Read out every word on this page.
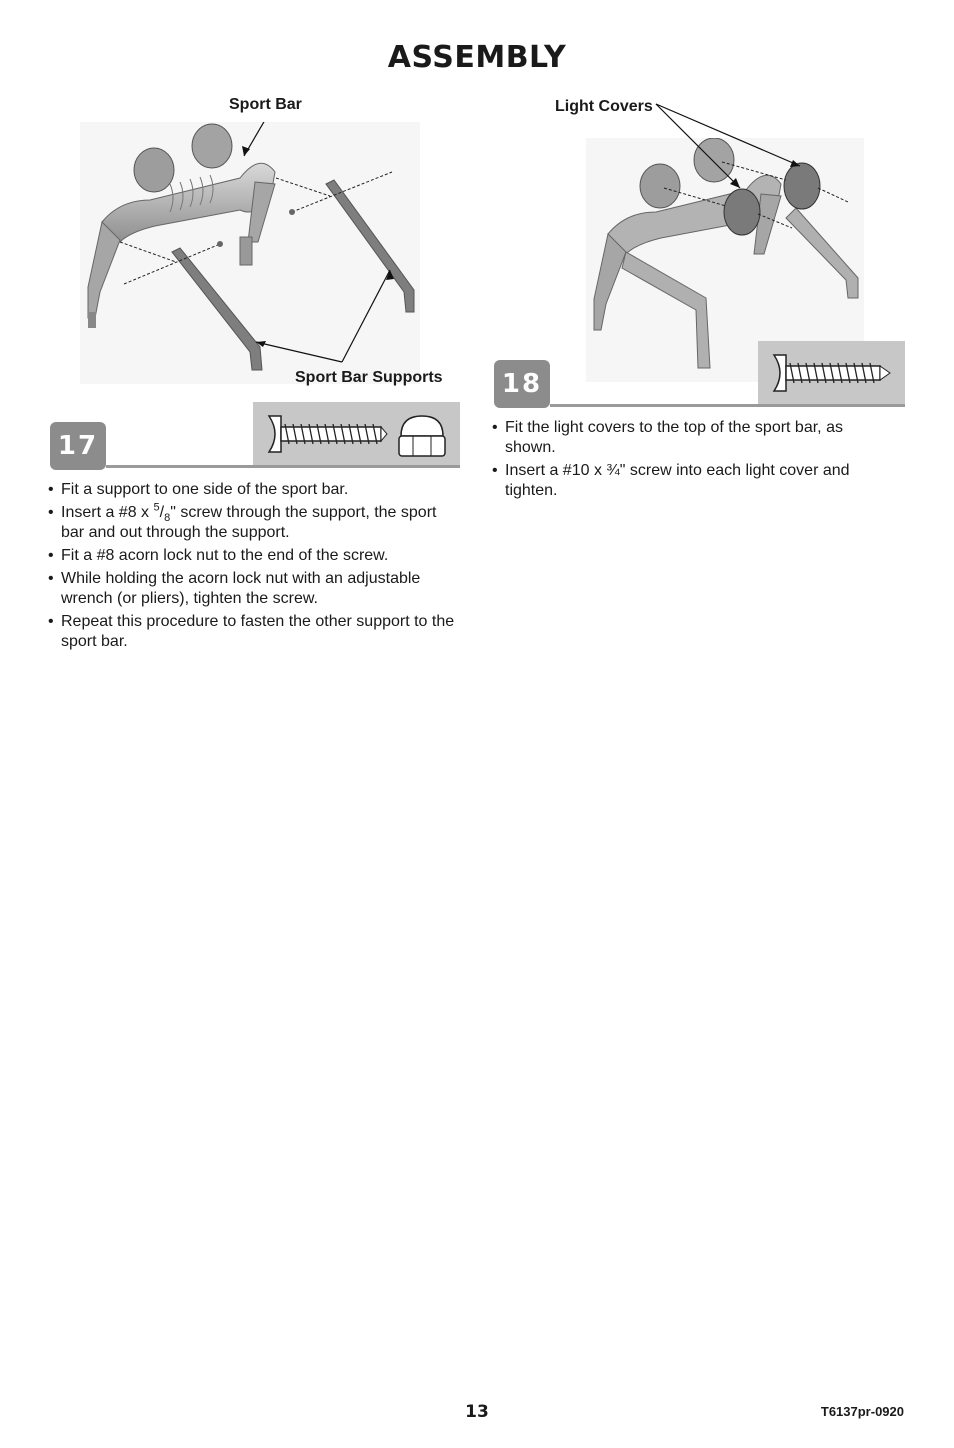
ASSEMBLY
Sport Bar
Sport Bar Supports
17
• Fit a support to one side of the sport bar.
• Insert a #8 x $^5/_8$" screw through the support, the sport bar and out through the support.
• Fit a #8 acorn lock nut to the end of the screw.
• While holding the acorn lock nut with an adjustable wrench (or pliers), tighten the screw.
• Repeat this procedure to fasten the other support to the sport bar.
Light Covers
18
• Fit the light covers to the top of the sport bar, as shown.
• Insert a #10 x ¾" screw into each light cover and tighten.
13	T6137pr-0920
